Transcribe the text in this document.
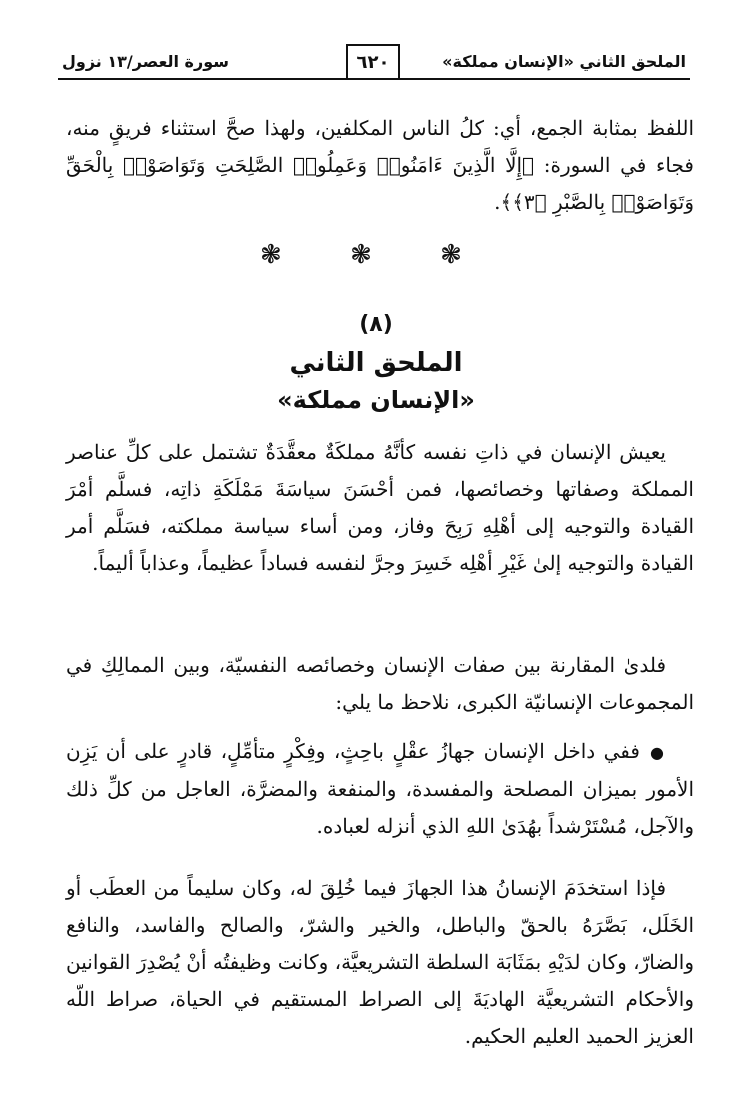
الملحق الثاني «الإنسان مملكة»
٦٢٠
سورة العصر/١٣ نزول
اللفظ بمثابة الجمع، أي: كلُ الناس المكلفين، ولهذا صحَّ استثناء فريقٍ منه، فجاء في السورة: ﴿إِلَّا الَّذِينَ ءَامَنُوا۟ وَعَمِلُوا۟ الصَّلِحَتِ وَتَوَاصَوْا۟ بِالْحَقِّ وَتَوَاصَوْا۟ بِالصَّبْرِ ﴿٣﴾﴾.
❃ ❃ ❃
(٨)
الملحق الثاني
«الإنسان مملكة»
يعيش الإنسان في ذاتِ نفسه كأنَّهُ مملكَةٌ معقَّدَةٌ تشتمل على كلِّ عناصر المملكة وصفاتها وخصائصها، فمن أحْسَنَ سياسَةَ مَمْلَكَةِ ذاتِه، فسلَّم أمْرَ القيادة والتوجيه إلى أهْلِهِ رَبِحَ وفاز، ومن أساء سياسة مملكته، فسَلَّم أمر القيادة والتوجيه إلىٰ غَيْرِ أهْلِه خَسِرَ وجرَّ لنفسه فساداً عظيماً، وعذاباً أليماً.
فلدىٰ المقارنة بين صفات الإنسان وخصائصه النفسيّة، وبين الممالِكِ في المجموعات الإنسانيّة الكبرى، نلاحظ ما يلي:
●ففي داخل الإنسان جهازُ عقْلٍ باحِثٍ، وفِكْرٍ متأمِّلٍ، قادرٍ على أن يَزِن الأمور بميزان المصلحة والمفسدة، والمنفعة والمضرَّة، العاجل من كلِّ ذلك والآجل، مُسْتَرْشداً بهُدَىٰ اللهِ الذي أنزله لعباده.
فإذا استخدَمَ الإنسانُ هذا الجهازَ فيما خُلِقَ له، وكان سليماً من العطَب أو الخَلَل، بَصَّرَهُ بالحقّ والباطل، والخير والشرّ، والصالح والفاسد، والنافع والضارّ، وكان لدَيْهِ بمَثَابَة السلطة التشريعيَّة، وكانت وظيفتُه أنْ يُصْدِرَ القوانين والأحكام التشريعيَّة الهاديَةَ إلى الصراط المستقيم في الحياة، صراط اللّه العزيز الحميد العليم الحكيم.
